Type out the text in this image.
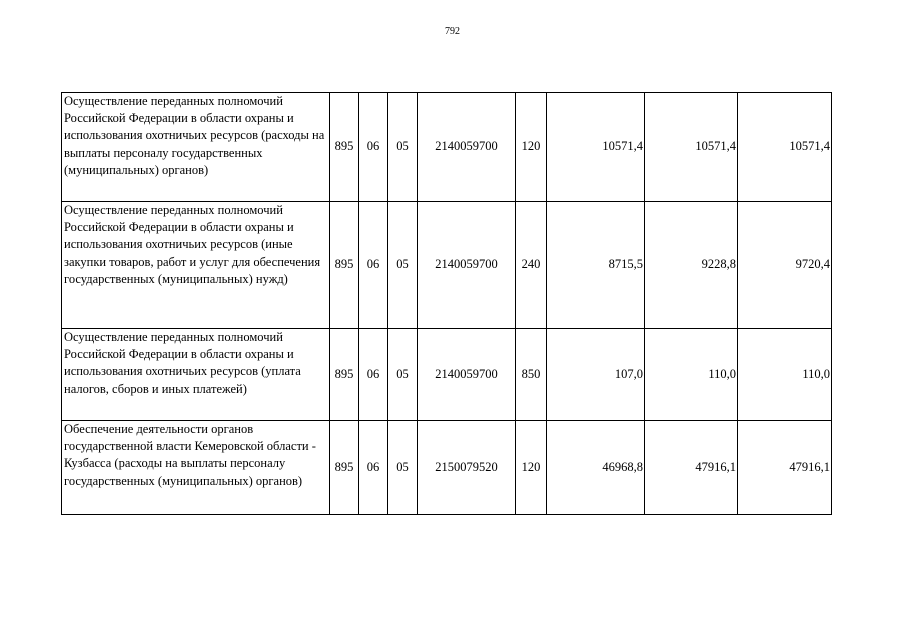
792
Осуществление переданных полномочий Российской Федерации в области охраны и использования охотничьих ресурсов (расходы на выплаты персоналу государственных (муниципальных) органов)	895	06	05	2140059700	120	10571,4	10571,4	10571,4
Осуществление переданных полномочий Российской Федерации в области охраны и использования охотничьих ресурсов (иные закупки товаров, работ и услуг для обеспечения государственных (муниципальных) нужд)	895	06	05	2140059700	240	8715,5	9228,8	9720,4
Осуществление переданных полномочий Российской Федерации в области охраны и использования охотничьих ресурсов (уплата налогов, сборов и иных платежей)	895	06	05	2140059700	850	107,0	110,0	110,0
Обеспечение деятельности органов государственной власти Кемеровской области - Кузбасса (расходы на выплаты персоналу государственных (муниципальных) органов)	895	06	05	2150079520	120	46968,8	47916,1	47916,1
